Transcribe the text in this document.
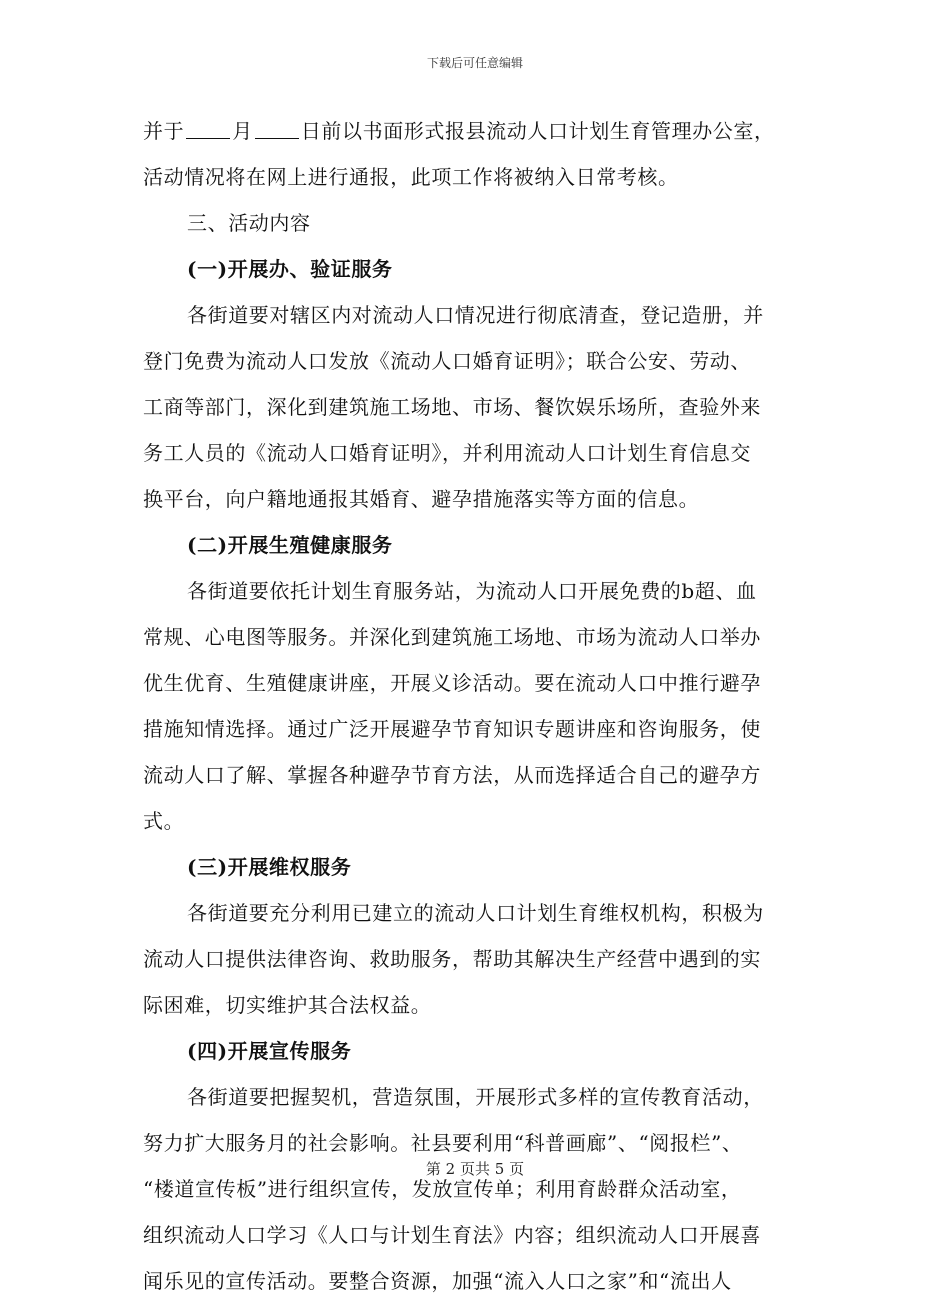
下载后可任意编辑
并于 月 日前以书面形式报县流动人口计划生育管理办公室，
活动情况将在网上进行通报，此项工作将被纳入日常考核。
三、活动内容
(一)开展办、验证服务
各街道要对辖区内对流动人口情况进行彻底清查，登记造册，并
登门免费为流动人口发放《流动人口婚育证明》；联合公安、劳动、
工商等部门，深化到建筑施工场地、市场、餐饮娱乐场所，查验外来
务工人员的《流动人口婚育证明》，并利用流动人口计划生育信息交
换平台，向户籍地通报其婚育、避孕措施落实等方面的信息。
(二)开展生殖健康服务
各街道要依托计划生育服务站，为流动人口开展免费的b超、血
常规、心电图等服务。并深化到建筑施工场地、市场为流动人口举办
优生优育、生殖健康讲座，开展义诊活动。要在流动人口中推行避孕
措施知情选择。通过广泛开展避孕节育知识专题讲座和咨询服务，使
流动人口了解、掌握各种避孕节育方法，从而选择适合自己的避孕方
式。
(三)开展维权服务
各街道要充分利用已建立的流动人口计划生育维权机构，积极为
流动人口提供法律咨询、救助服务，帮助其解决生产经营中遇到的实
际困难，切实维护其合法权益。
(四)开展宣传服务
各街道要把握契机，营造氛围，开展形式多样的宣传教育活动，
努力扩大服务月的社会影响。社县要利用“科普画廊”、“阅报栏”、
“楼道宣传板”进行组织宣传，发放宣传单；利用育龄群众活动室，
组织流动人口学习《人口与计划生育法》内容；组织流动人口开展喜
闻乐见的宣传活动。要整合资源，加强“流入人口之家”和“流出人
第 2 页共 5 页
